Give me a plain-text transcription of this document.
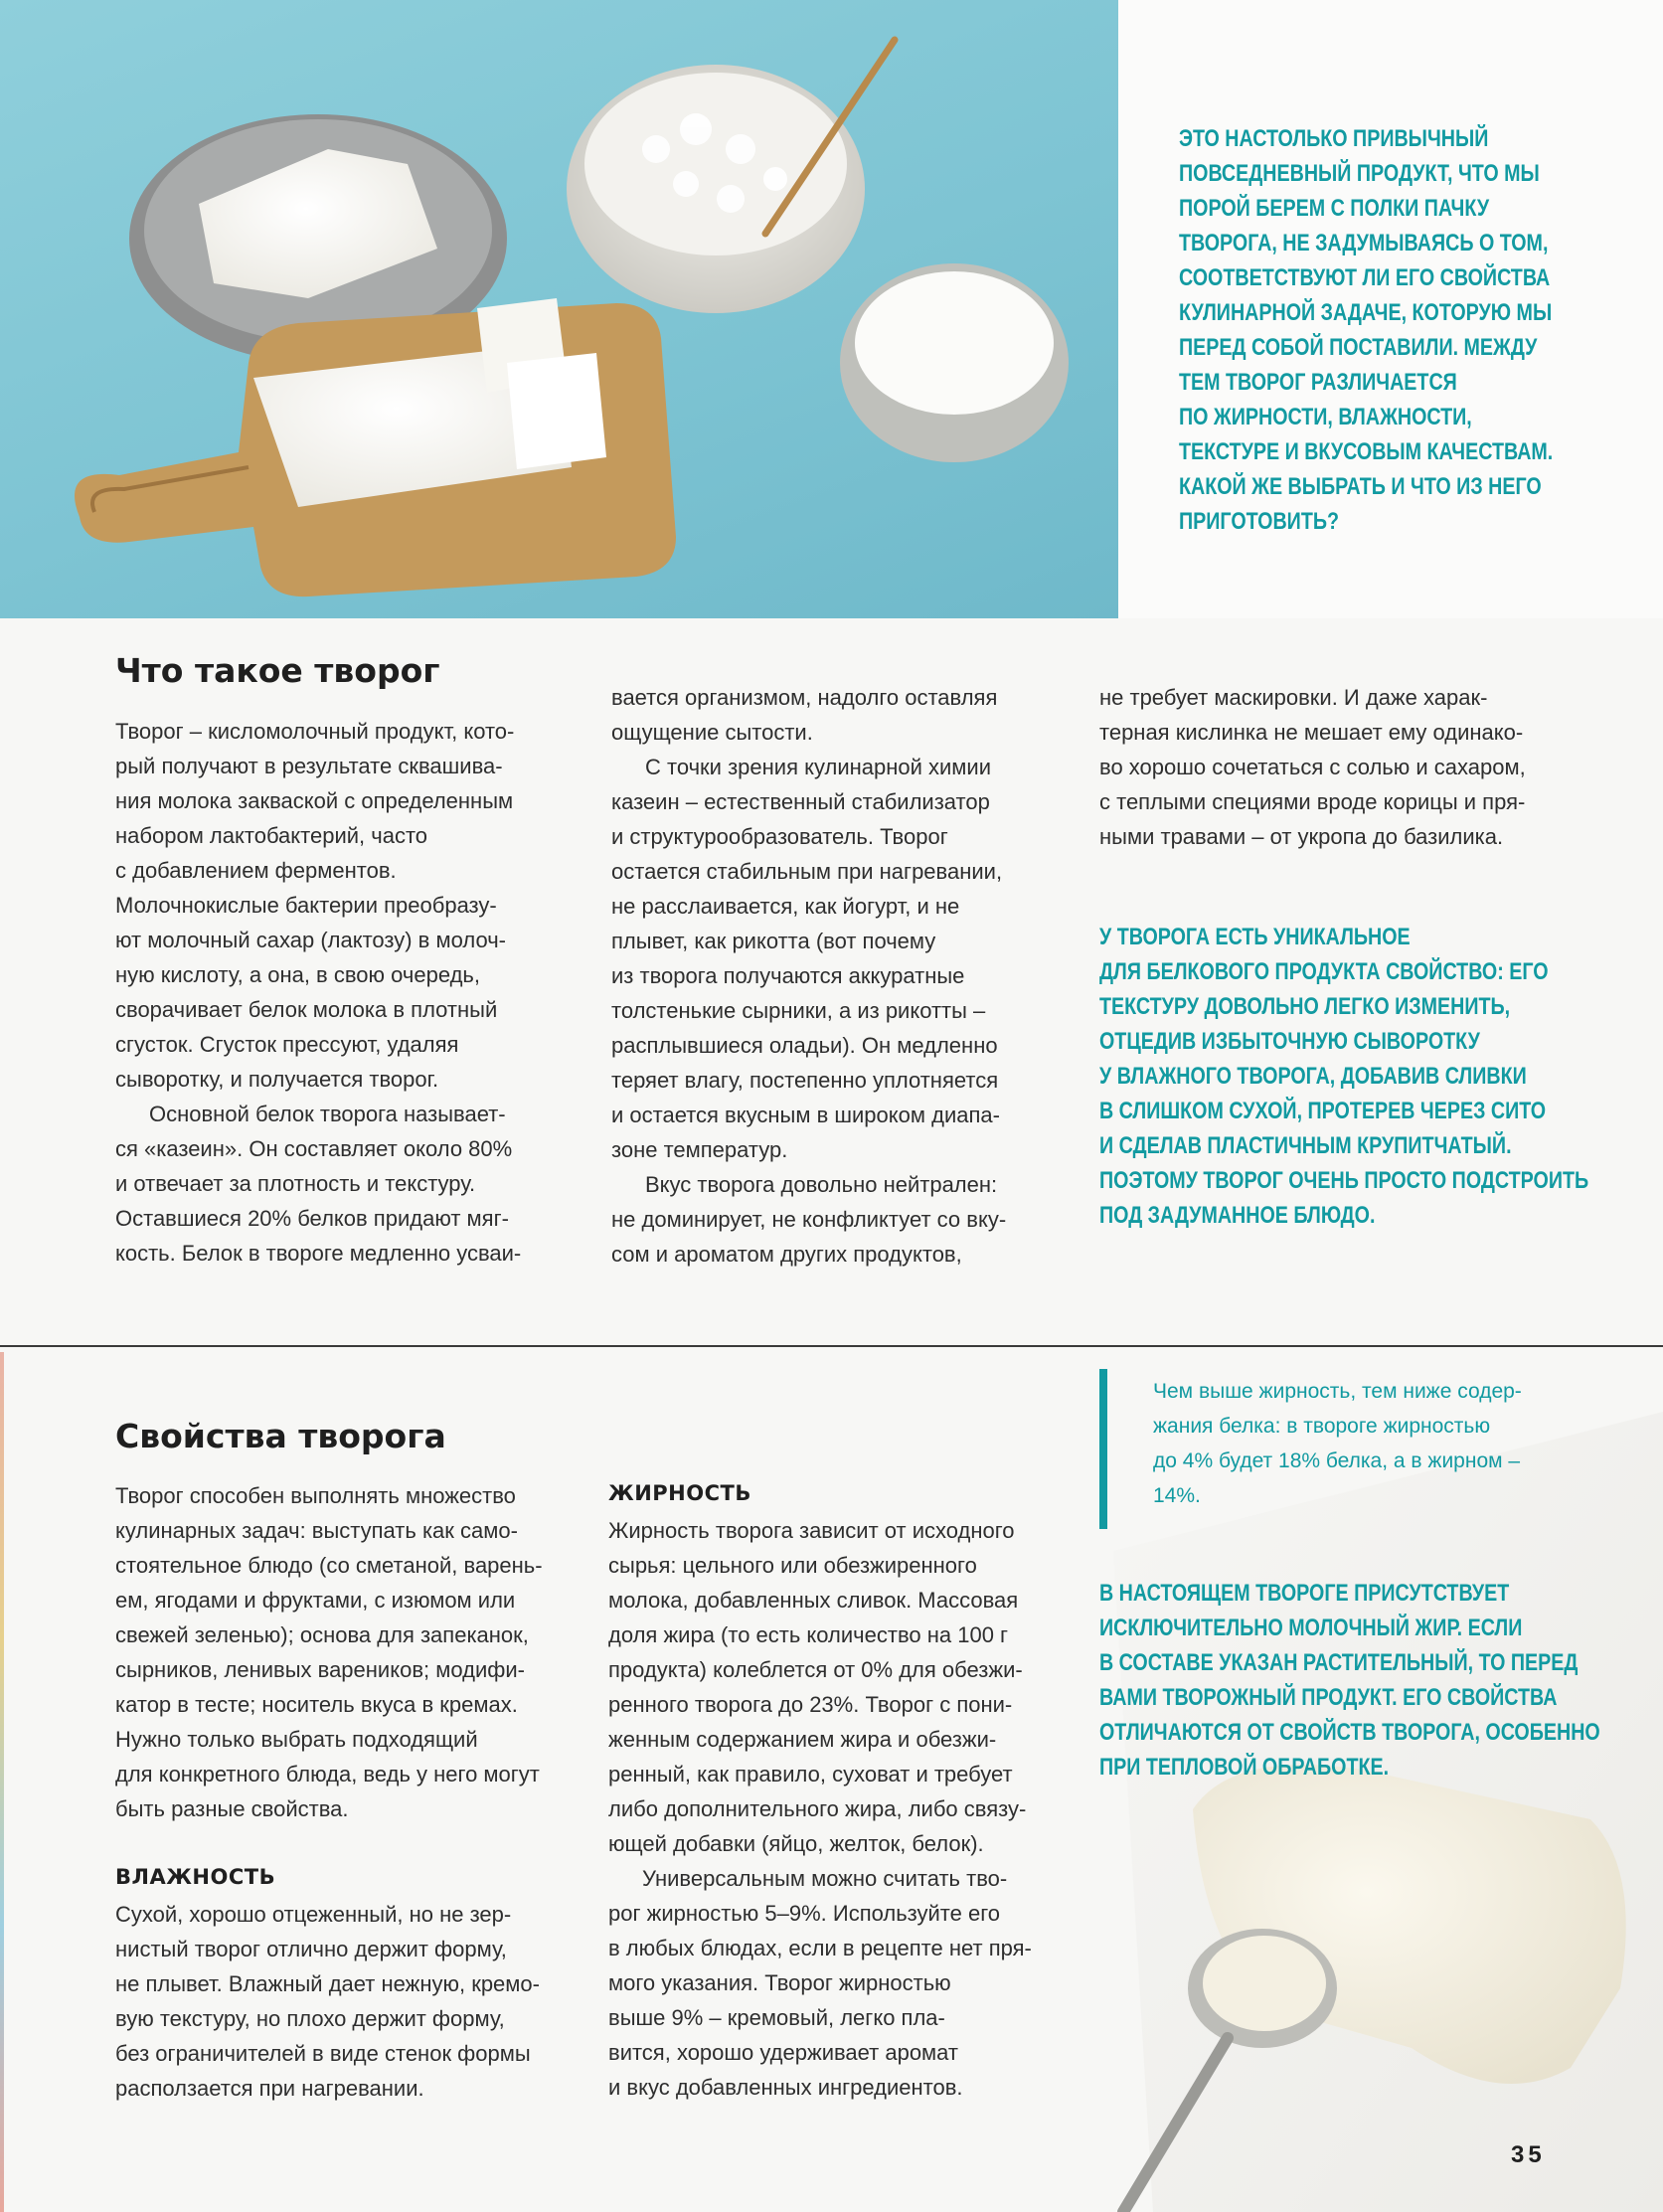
ЭТО НАСТОЛЬКО ПРИВЫЧНЫЙ

ПОВСЕДНЕВНЫЙ ПРОДУКТ, ЧТО МЫ

ПОРОЙ БЕРЕМ С ПОЛКИ ПАЧКУ

ТВОРОГА, НЕ ЗАДУМЫВАЯСЬ О ТОМ,

СООТВЕТСТВУЮТ ЛИ ЕГО СВОЙСТВА

КУЛИНАРНОЙ ЗАДАЧЕ, КОТОРУЮ МЫ

ПЕРЕД СОБОЙ ПОСТАВИЛИ. МЕЖДУ

ТЕМ ТВОРОГ РАЗЛИЧАЕТСЯ

ПО ЖИРНОСТИ, ВЛАЖНОСТИ,

ТЕКСТУРЕ И ВКУСОВЫМ КАЧЕСТВАМ.

КАКОЙ ЖЕ ВЫБРАТЬ И ЧТО ИЗ НЕГО

ПРИГОТОВИТЬ?

Что такое творог

Творог – кисломолочный продукт, кото-

рый получают в результате сквашива-

ния молока закваской с определенным

набором лактобактерий, часто

с добавлением ферментов.

Молочнокислые бактерии преобразу-

ют молочный сахар (лактозу) в молоч-

ную кислоту, а она, в свою очередь,

сворачивает белок молока в плотный

сгусток. Сгусток прессуют, удаляя

сыворотку, и получается творог.

Основной белок творога называет-

ся «казеин». Он составляет около 80%

и отвечает за плотность и текстуру.

Оставшиеся 20% белков придают мяг-

кость. Белок в твороге медленно усваи-

вается организмом, надолго оставляя

ощущение сытости.

С точки зрения кулинарной химии

казеин – естественный стабилизатор

и структурообразователь. Творог

остается стабильным при нагревании,

не расслаивается, как йогурт, и не

плывет, как рикотта (вот почему

из творога получаются аккуратные

толстенькие сырники, а из рикотты –

расплывшиеся оладьи). Он медленно

теряет влагу, постепенно уплотняется

и остается вкусным в широком диапа-

зоне температур.

Вкус творога довольно нейтрален:

не доминирует, не конфликтует со вку-

сом и ароматом других продуктов,

не требует маскировки. И даже харак-

терная кислинка не мешает ему одинако-

во хорошо сочетаться с солью и сахаром,

с теплыми специями вроде корицы и пря-

ными травами – от укропа до базилика.

У ТВОРОГА ЕСТЬ УНИКАЛЬНОЕ

ДЛЯ БЕЛКОВОГО ПРОДУКТА СВОЙСТВО: ЕГО

ТЕКСТУРУ ДОВОЛЬНО ЛЕГКО ИЗМЕНИТЬ,

ОТЦЕДИВ ИЗБЫТОЧНУЮ СЫВОРОТКУ

У ВЛАЖНОГО ТВОРОГА, ДОБАВИВ СЛИВКИ

В СЛИШКОМ СУХОЙ, ПРОТЕРЕВ ЧЕРЕЗ СИТО

И СДЕЛАВ ПЛАСТИЧНЫМ КРУПИТЧАТЫЙ.

ПОЭТОМУ ТВОРОГ ОЧЕНЬ ПРОСТО ПОДСТРОИТЬ

ПОД ЗАДУМАННОЕ БЛЮДО.

Свойства творога

Творог способен выполнять множество

кулинарных задач: выступать как само-

стоятельное блюдо (со сметаной, варень-

ем, ягодами и фруктами, с изюмом или

свежей зеленью); основа для запеканок,

сырников, ленивых вареников; модифи-

катор в тесте; носитель вкуса в кремах.

Нужно только выбрать подходящий

для конкретного блюда, ведь у него могут

быть разные свойства.

ВЛАЖНОСТЬ

Сухой, хорошо отцеженный, но не зер-

нистый творог отлично держит форму,

не плывет. Влажный дает нежную, кремо-

вую текстуру, но плохо держит форму,

без ограничителей в виде стенок формы

расползается при нагревании.

ЖИРНОСТЬ

Жирность творога зависит от исходного

сырья: цельного или обезжиренного

молока, добавленных сливок. Массовая

доля жира (то есть количество на 100 г

продукта) колеблется от 0% для обезжи-

ренного творога до 23%. Творог с пони-

женным содержанием жира и обезжи-

ренный, как правило, суховат и требует

либо дополнительного жира, либо связу-

ющей добавки (яйцо, желток, белок).

Универсальным можно считать тво-

рог жирностью 5–9%. Используйте его

в любых блюдах, если в рецепте нет пря-

мого указания. Творог жирностью

выше 9% – кремовый, легко пла-

вится, хорошо удерживает аромат

и вкус добавленных ингредиентов.

Чем выше жирность, тем ниже содер-

жания белка: в твороге жирностью

до 4% будет 18% белка, а в жирном –

14%.

В НАСТОЯЩЕМ ТВОРОГЕ ПРИСУТСТВУЕТ

ИСКЛЮЧИТЕЛЬНО МОЛОЧНЫЙ ЖИР. ЕСЛИ

В СОСТАВЕ УКАЗАН РАСТИТЕЛЬНЫЙ, ТО ПЕРЕД

ВАМИ ТВОРОЖНЫЙ ПРОДУКТ. ЕГО СВОЙСТВА

ОТЛИЧАЮТСЯ ОТ СВОЙСТВ ТВОРОГА, ОСОБЕННО

ПРИ ТЕПЛОВОЙ ОБРАБОТКЕ.

35
